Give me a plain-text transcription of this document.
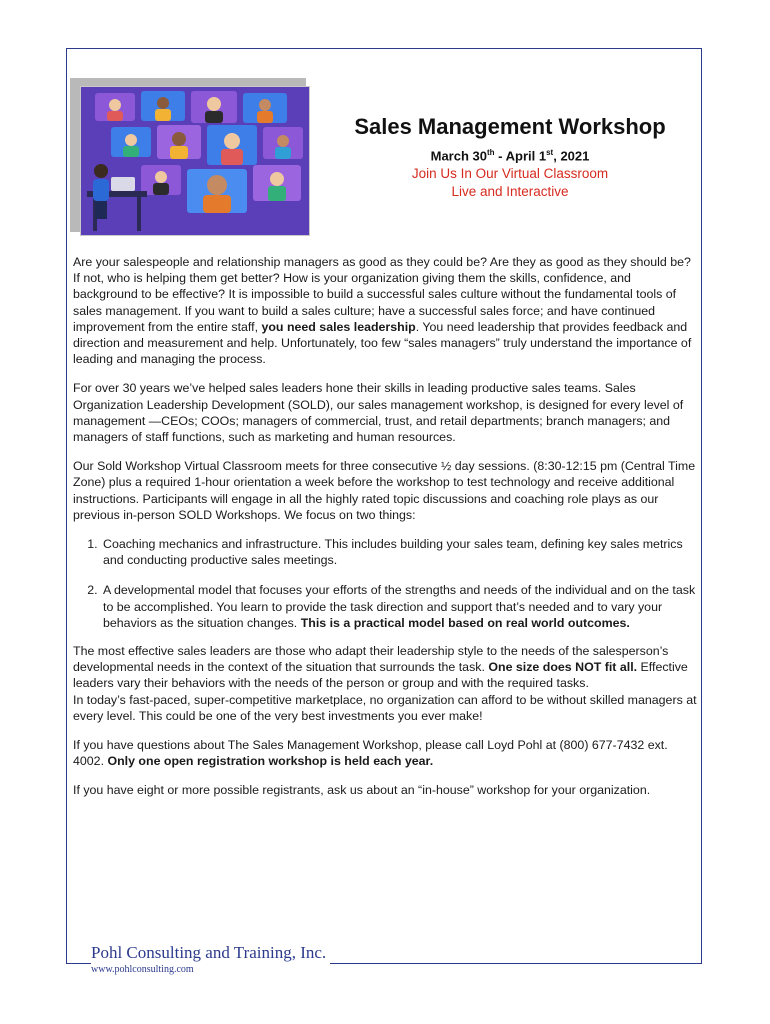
Sales Management Workshop
March 30th - April 1st, 2021
Join Us In Our Virtual Classroom
Live and Interactive

Are your salespeople and relationship managers as good as they could be? Are they as good as they should be? If not, who is helping them get better? How is your organization giving them the skills, confidence, and background to be effective? It is impossible to build a successful sales culture without the fundamental tools of sales management. If you want to build a sales culture; have a successful sales force; and have continued improvement from the entire staff, you need sales leadership. You need leadership that provides feedback and direction and measurement and help. Unfortunately, too few “sales managers” truly understand the importance of leading and managing the process.

For over 30 years we’ve helped sales leaders hone their skills in leading productive sales teams. Sales Organization Leadership Development (SOLD), our sales management workshop, is designed for every level of management —CEOs; COOs; managers of commercial, trust, and retail departments; branch managers; and managers of staff functions, such as marketing and human resources.

Our Sold Workshop Virtual Classroom meets for three consecutive ½ day sessions. (8:30-12:15 pm (Central Time Zone) plus a required 1-hour orientation a week before the workshop to test technology and receive additional instructions. Participants will engage in all the highly rated topic discussions and coaching role plays as our previous in-person SOLD Workshops. We focus on two things:

1. Coaching mechanics and infrastructure. This includes building your sales team, defining key sales metrics and conducting productive sales meetings.
2. A developmental model that focuses your efforts of the strengths and needs of the individual and on the task to be accomplished. You learn to provide the task direction and support that’s needed and to vary your behaviors as the situation changes. This is a practical model based on real world outcomes.

The most effective sales leaders are those who adapt their leadership style to the needs of the salesperson’s developmental needs in the context of the situation that surrounds the task. One size does NOT fit all. Effective leaders vary their behaviors with the needs of the person or group and with the required tasks.
In today’s fast-paced, super-competitive marketplace, no organization can afford to be without skilled managers at every level. This could be one of the very best investments you ever make!

If you have questions about The Sales Management Workshop, please call Loyd Pohl at (800) 677-7432 ext. 4002. Only one open registration workshop is held each year.

If you have eight or more possible registrants, ask us about an “in-house” workshop for your organization.

Pohl Consulting and Training, Inc.
www.pohlconsulting.com
